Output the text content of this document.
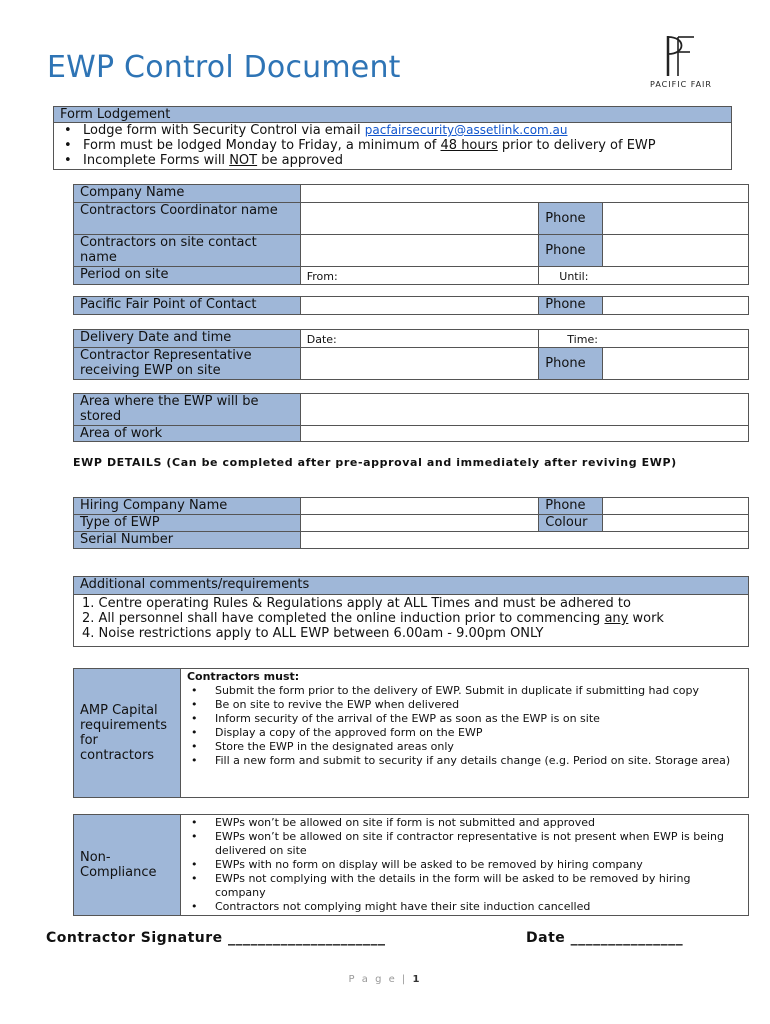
EWP Control Document	PACIFIC FAIR
Form Lodgement

• Lodge form with Security Control via email pacfairsecurity@assetlink.com.au
• Form must be lodged Monday to Friday, a minimum of 48 hours prior to delivery of EWP
• Incomplete Forms will NOT be approved
Company Name			
Contractors Coordinator name		Phone	
Contractors on site contact name		Phone	
Period on site	From:	Until:	
Pacific Fair Point of Contact		Phone	
Delivery Date and time	Date:	Time:	
Contractor Representative receiving EWP on site		Phone	
Area where the EWP will be stored	
Area of work	
EWP DETAILS (Can be completed after pre-approval and immediately after reviving EWP)
Hiring Company Name		Phone	
Type of EWP		Colour	
Serial Number			
Additional comments/requirements

1. Centre operating Rules & Regulations apply at ALL Times and must be adhered to
2. All personnel shall have completed the online induction prior to commencing any work
4. Noise restrictions apply to ALL EWP between 6.00am - 9.00pm ONLY
AMP Capital requirements for contractors	
Contractors must:
• Submit the form prior to the delivery of EWP. Submit in duplicate if submitting had copy
• Be on site to revive the EWP when delivered
• Inform security of the arrival of the EWP as soon as the EWP is on site
• Display a copy of the approved form on the EWP
• Store the EWP in the designated areas only
• Fill a new form and submit to security if any details change (e.g. Period on site. Storage area)
Non-Compliance	
• EWPs won’t be allowed on site if form is not submitted and approved
• EWPs won’t be allowed on site if contractor representative is not present when EWP is being delivered on site
• EWPs with no form on display will be asked to be removed by hiring company
• EWPs not complying with the details in the form will be asked to be removed by hiring company
• Contractors not complying might have their site induction cancelled
Contractor Signature _____________________	Date _______________
P a g e | 1
